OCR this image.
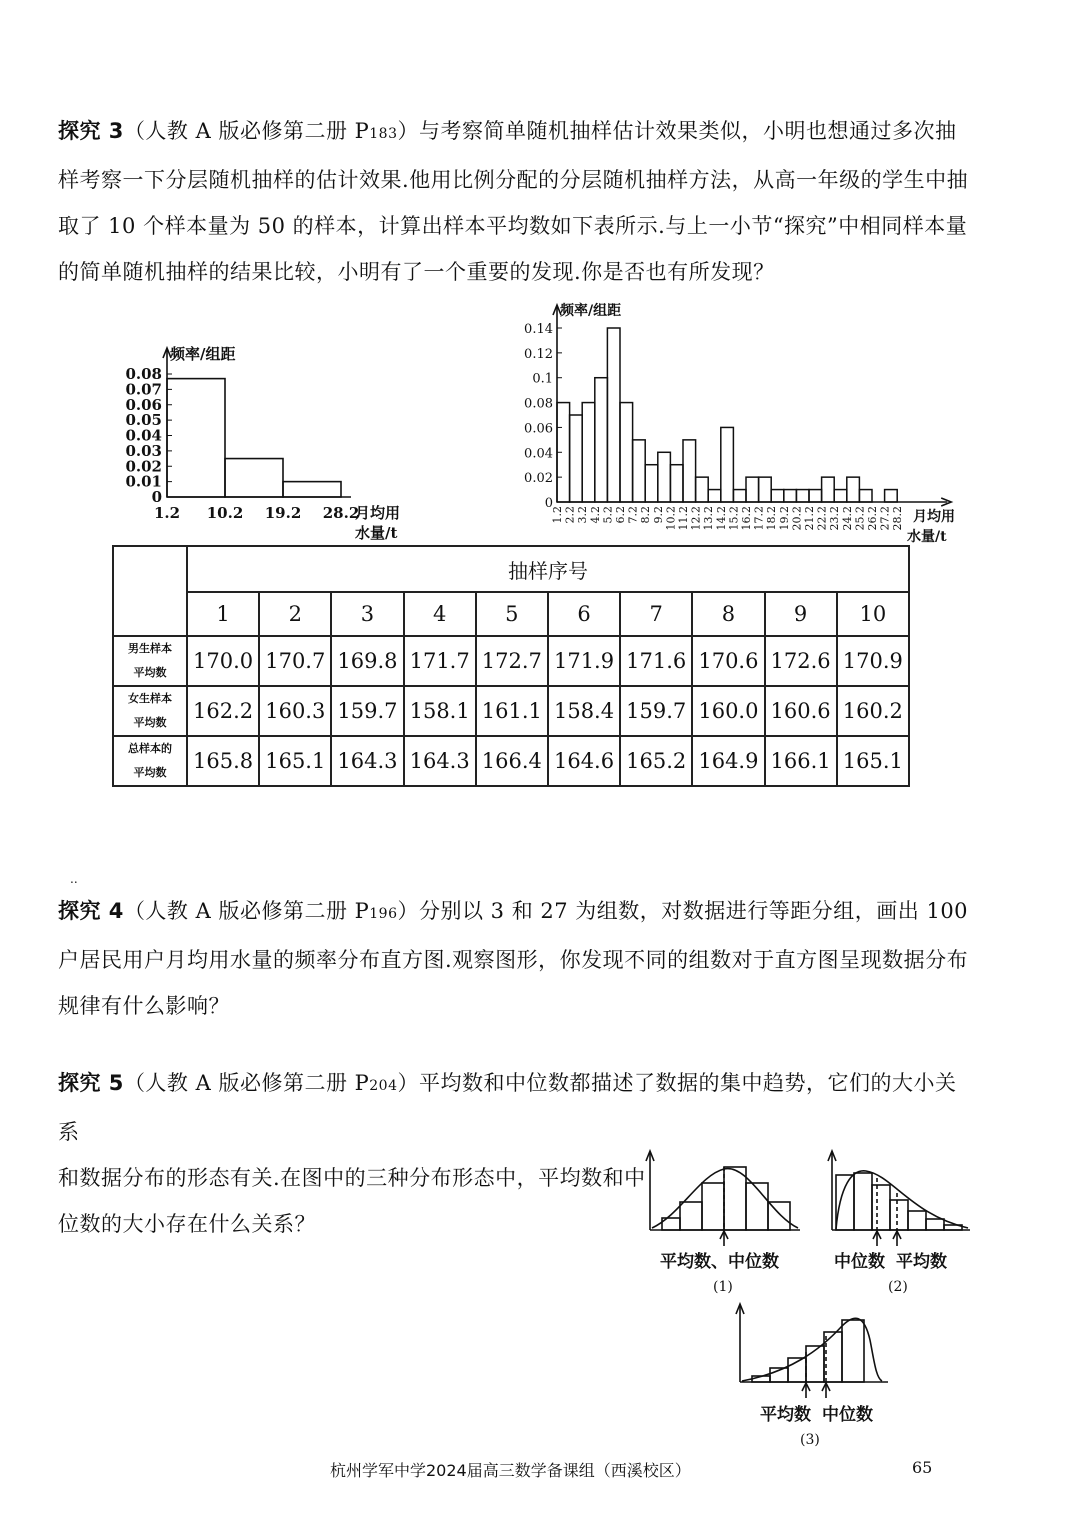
探究 3（人教 A 版必修第二册 P183）与考察简单随机抽样估计效果类似，小明也想通过多次抽样考察一下分层随机抽样的估计效果.他用比例分配的分层随机抽样方法，从高一年级的学生中抽取了 10 个样本量为 50 的样本，计算出样本平均数如下表所示.与上一小节“探究”中相同样本量的简单随机抽样的结果比较，小明有了一个重要的发现.你是否也有所发现？
频率/组距
月均用
水量/t
0
0.01
0.02
0.03
0.04
0.05
0.06
0.07
0.08
1.2 10.2 19.2 28.2
频率/组距
月均用
水量/t
0
0.02
0.04
0.06
0.08
0.1
0.12
0.14
1.2 2.2 3.2 4.2 5.2 6.2 7.2 8.2 9.2 10.2 11.2 12.2 13.2 14.2 15.2 16.2 17.2 18.2 19.2 20.2 21.2 22.2 23.2 24.2 25.2 26.2 27.2 28.2
	抽样序号									
	1	2	3	4	5	6	7	8	9	10

男生样本
平均数	170.0	170.7	169.8	171.7	172.7	171.9	171.6	170.6	172.6	170.9

女生样本
平均数	162.2	160.3	159.7	158.1	161.1	158.4	159.7	160.0	160.6	160.2

总样本的
平均数	165.8	165.1	164.3	164.3	166.4	164.6	165.2	164.9	166.1	165.1
..
探究 4（人教 A 版必修第二册 P196）分别以 3 和 27 为组数，对数据进行等距分组，画出 100 户居民用户月均用水量的频率分布直方图.观察图形，你发现不同的组数对于直方图呈现数据分布规律有什么影响？
探究 5（人教 A 版必修第二册 P204）平均数和中位数都描述了数据的集中趋势，它们的大小关系
和数据分布的形态有关.在图中的三种分布形态中，平均数和中
位数的大小存在什么关系？
平均数、中位数
(1)
中位数 平均数
(2)
平均数 中位数
(3)
杭州学军中学2024届高三数学备课组（西溪校区）	65
